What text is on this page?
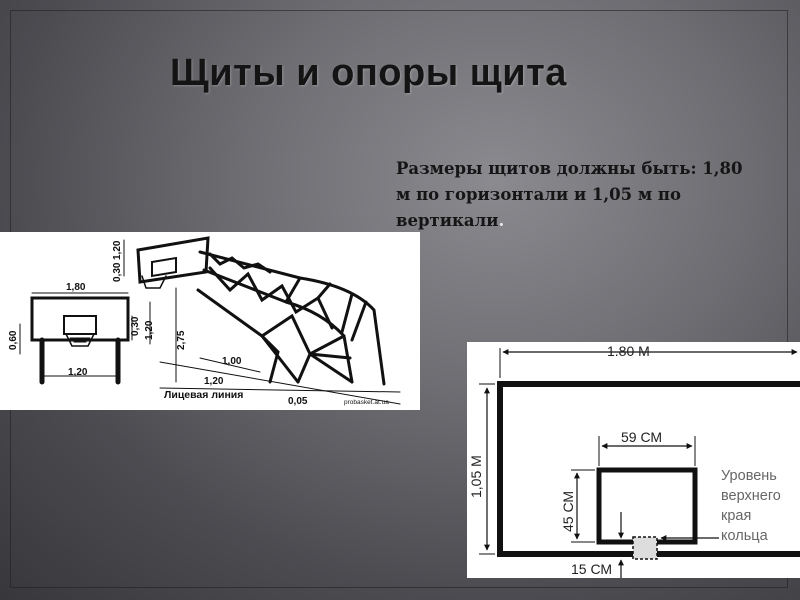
Щиты и опоры щита
Размеры щитов должны быть: 1,80
м по горизонтали и 1,05 м по
вертикали.
1,80
1,20
0,60
0,30 1,20
0,30
1,20
2,75
1,00
1,20
0,05
Лицевая линия
probasket.at.ua
1.80 М
1,05 М
59 СМ
45 СМ
15 СМ
Уровень
верхнего
края
кольца
